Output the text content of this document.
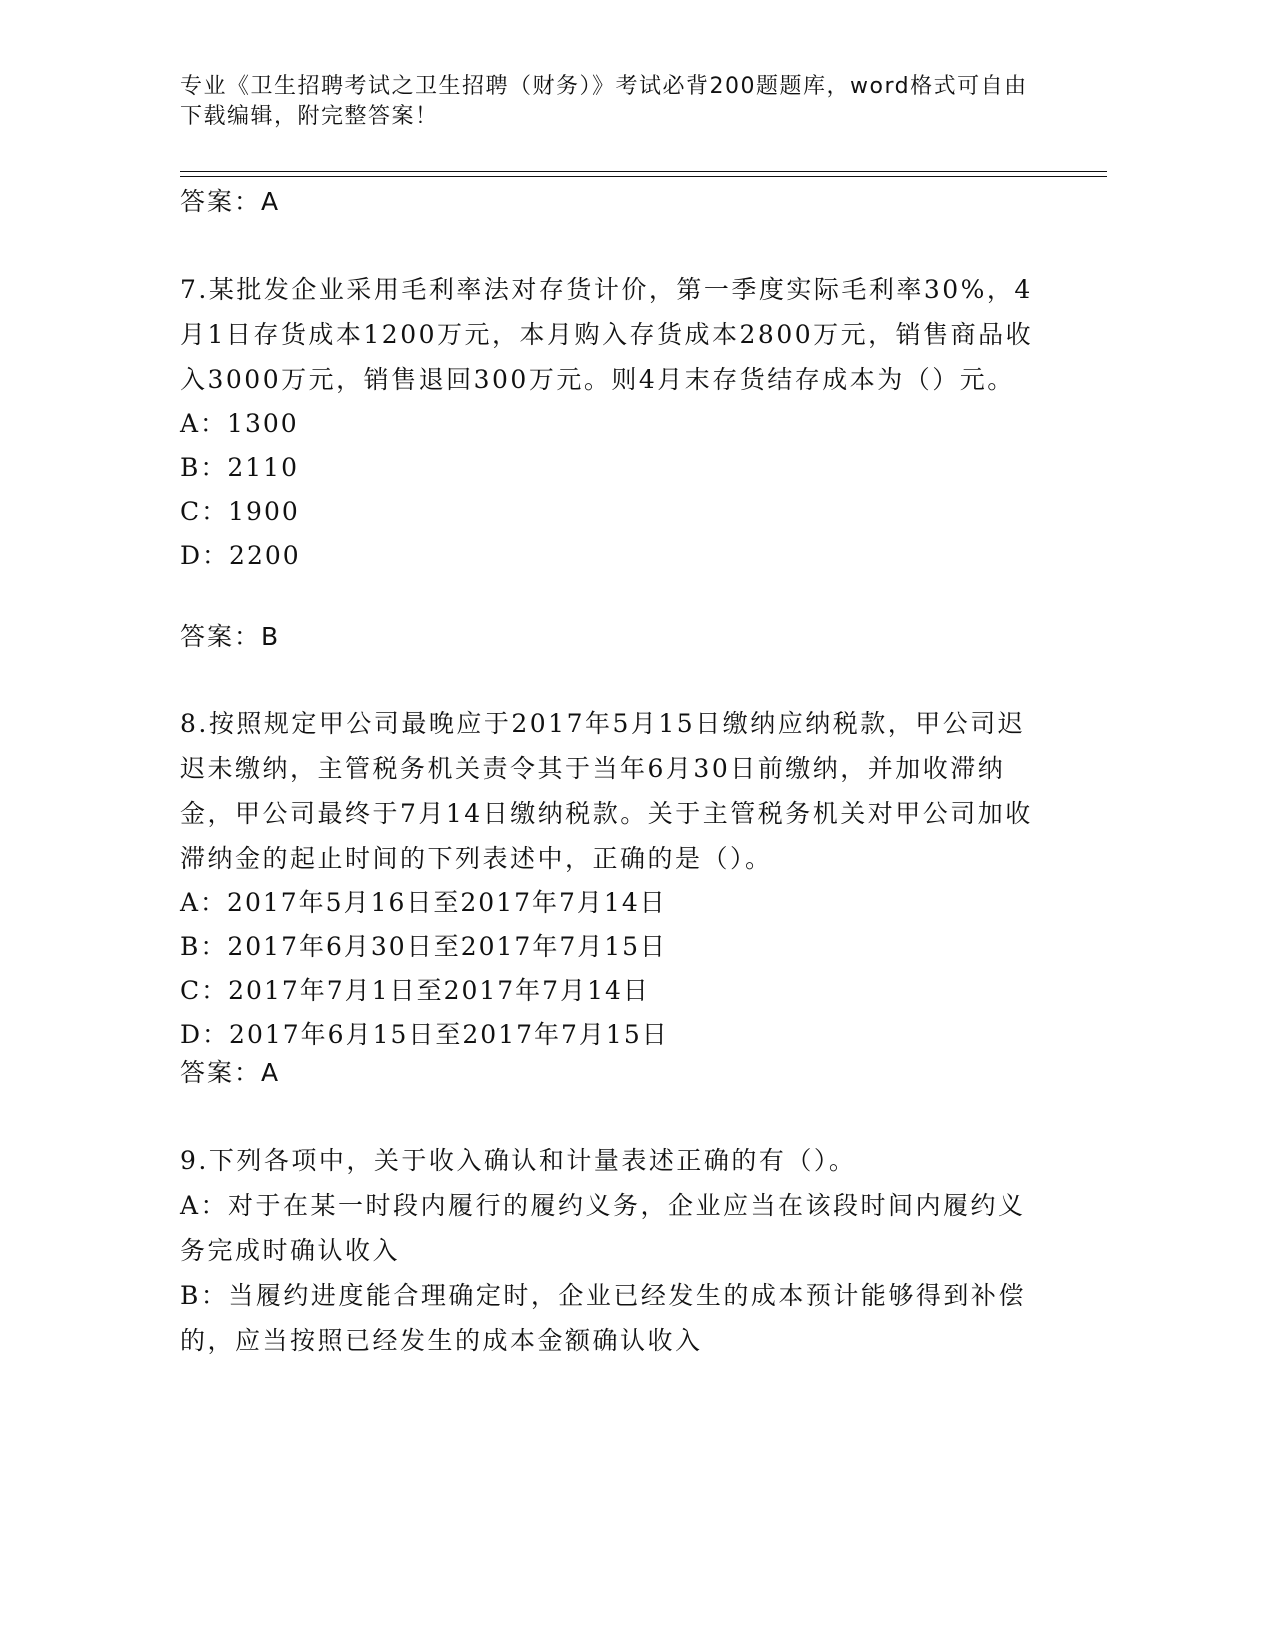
专业《卫生招聘考试之卫生招聘（财务）》考试必背200题题库，word格式可自由下载编辑，附完整答案！
答案：A

7.某批发企业采用毛利率法对存货计价，第一季度实际毛利率30%，4月1日存货成本1200万元，本月购入存货成本2800万元，销售商品收入3000万元，销售退回300万元。则4月末存货结存成本为（）元。

A：1300

B：2110

C：1900

D：2200

答案：B

8.按照规定甲公司最晚应于2017年5月15日缴纳应纳税款，甲公司迟迟未缴纳，主管税务机关责令其于当年6月30日前缴纳，并加收滞纳金，甲公司最终于7月14日缴纳税款。关于主管税务机关对甲公司加收滞纳金的起止时间的下列表述中，正确的是（）。

A：2017年5月16日至2017年7月14日

B：2017年6月30日至2017年7月15日

C：2017年7月1日至2017年7月14日

D：2017年6月15日至2017年7月15日

答案：A

9.下列各项中，关于收入确认和计量表述正确的有（）。

A：对于在某一时段内履行的履约义务，企业应当在该段时间内履约义务完成时确认收入

B：当履约进度能合理确定时，企业已经发生的成本预计能够得到补偿的，应当按照已经发生的成本金额确认收入
